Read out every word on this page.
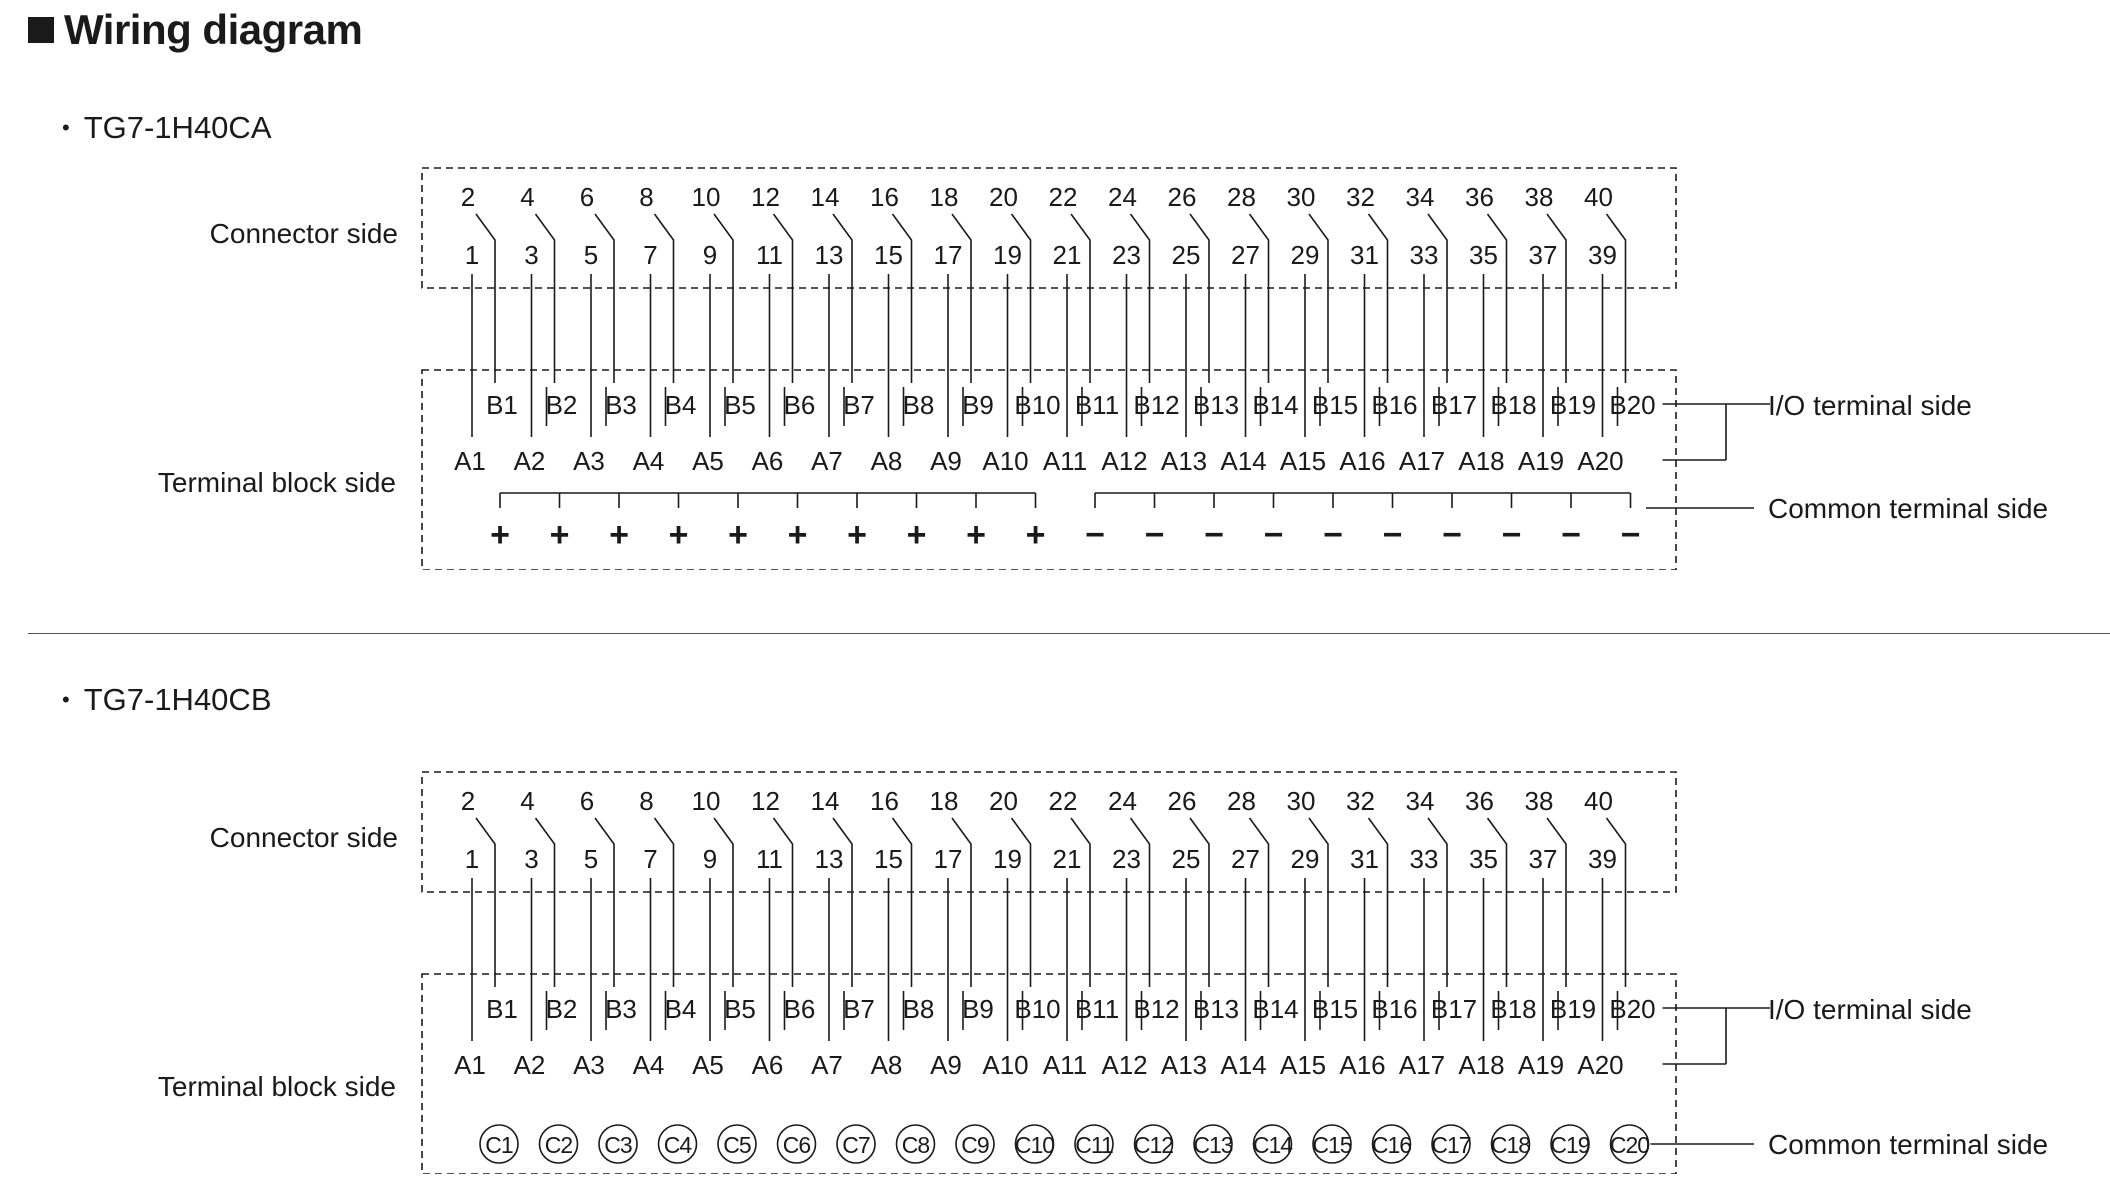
Wiring diagram
• TG7-1H40CA
Connector side
Terminal block side
2
1
B1
A1
4
3
B2
A2
6
5
B3
A3
8
7
B4
A4
10
9
B5
A5
12
11
B6
A6
14
13
B7
A7
16
15
B8
A8
18
17
B9
A9
20
19
B10
A10
22
21
B11
A11
24
23
B12
A12
26
25
B13
A13
28
27
B14
A14
30
29
B15
A15
32
31
B16
A16
34
33
B17
A17
36
35
B18
A18
38
37
B19
A19
40
39
B20
A20
I/O terminal side
+ + + + + + + + + + − − − − − − − − − −
Common terminal side
• TG7-1H40CB
Connector side
Terminal block side
2
1
B1
A1
4
3
B2
A2
6
5
B3
A3
8
7
B4
A4
10
9
B5
A5
12
11
B6
A6
14
13
B7
A7
16
15
B8
A8
18
17
B9
A9
20
19
B10
A10
22
21
B11
A11
24
23
B12
A12
26
25
B13
A13
28
27
B14
A14
30
29
B15
A15
32
31
B16
A16
34
33
B17
A17
36
35
B18
A18
38
37
B19
A19
40
39
B20
A20
I/O terminal side
C1 C2 C3 C4 C5 C6 C7 C8 C9 C10 C11 C12 C13 C14 C15 C16 C17 C18 C19 C20	Common terminal side
